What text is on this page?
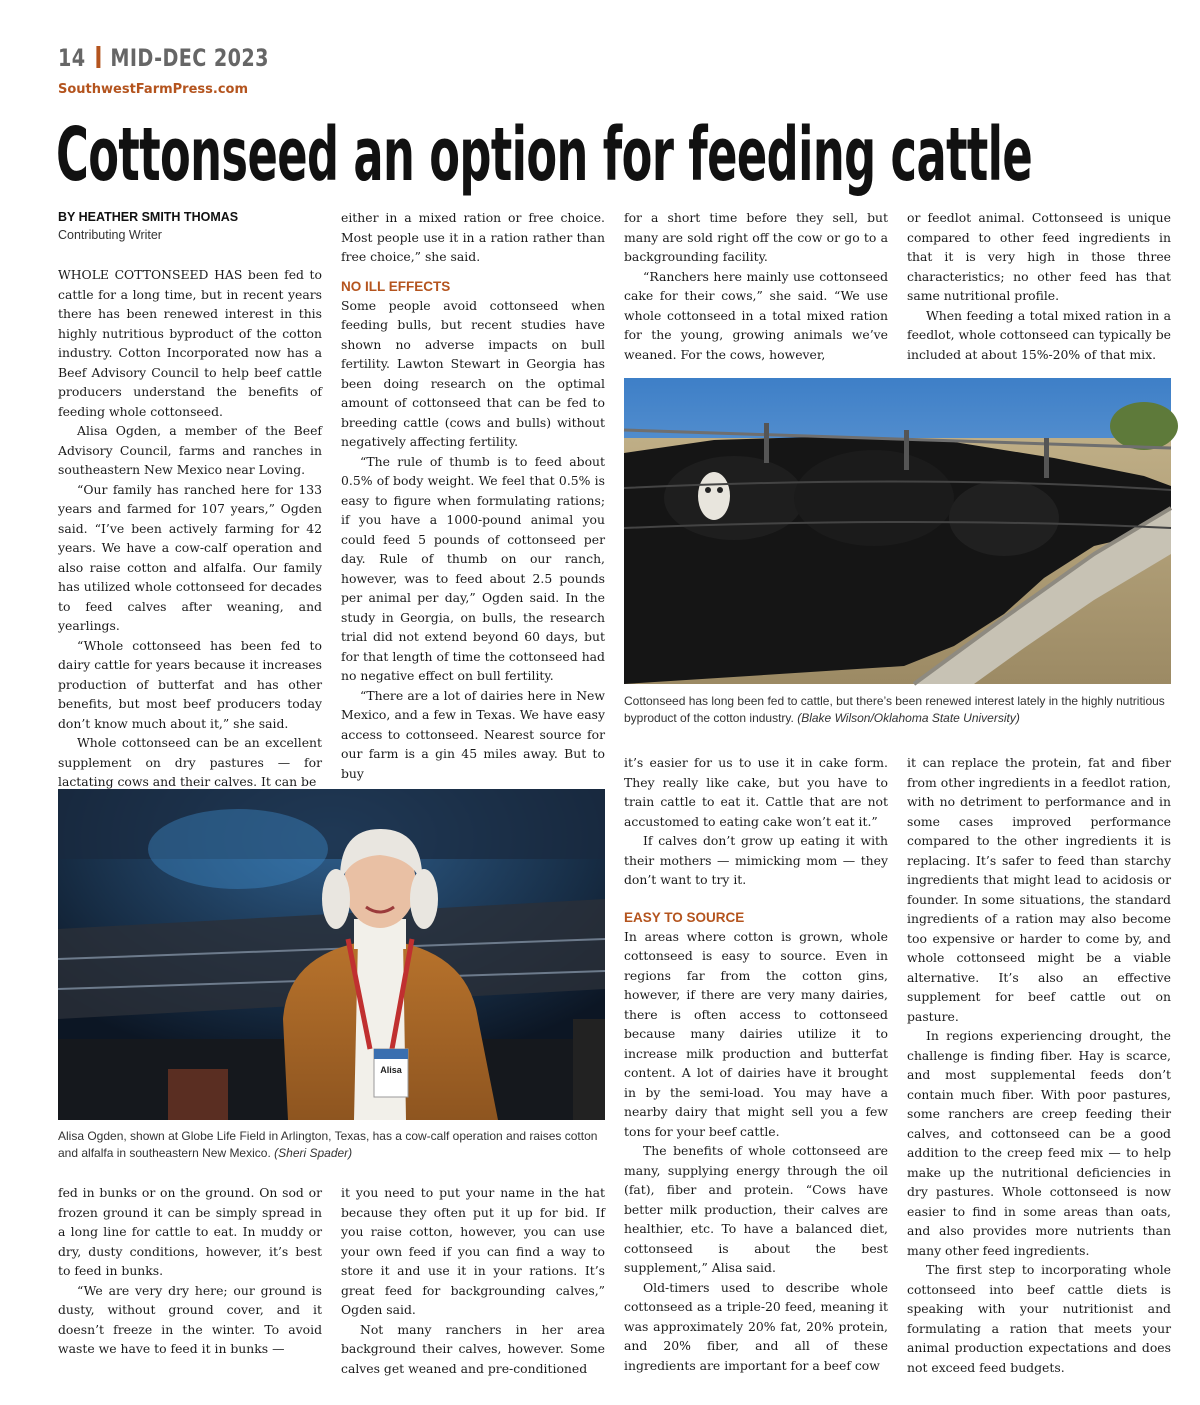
14 MID-DEC 2023
SouthwestFarmPress.com
Cottonseed an option for feeding cattle
BY HEATHER SMITH THOMAS
Contributing Writer

WHOLE COTTONSEED HAS been fed to cattle for a long time, but in recent years there has been renewed interest in this highly nutritious byproduct of the cotton industry. Cotton Incorporated now has a Beef Advisory Council to help beef cattle producers understand the benefits of feeding whole cottonseed.

Alisa Ogden, a member of the Beef Advisory Council, farms and ranches in southeastern New Mexico near Loving.

“Our family has ranched here for 133 years and farmed for 107 years,” Ogden said. “I’ve been actively farming for 42 years. We have a cow-calf operation and also raise cotton and alfalfa. Our family has utilized whole cottonseed for decades to feed calves after weaning, and yearlings.

“Whole cottonseed has been fed to dairy cattle for years because it increases production of butterfat and has other benefits, but most beef producers today don’t know much about it,” she said.

Whole cottonseed can be an excellent supplement on dry pastures — for lactating cows and their calves. It can be

either in a mixed ration or free choice. Most people use it in a ration rather than free choice,” she said.

NO ILL EFFECTS

Some people avoid cottonseed when feeding bulls, but recent studies have shown no adverse impacts on bull fertility. Lawton Stewart in Georgia has been doing research on the optimal amount of cottonseed that can be fed to breeding cattle (cows and bulls) without negatively affecting fertility.

“The rule of thumb is to feed about 0.5% of body weight. We feel that 0.5% is easy to figure when formulating rations; if you have a 1000-pound animal you could feed 5 pounds of cottonseed per day. Rule of thumb on our ranch, however, was to feed about 2.5 pounds per animal per day,” Ogden said. In the study in Georgia, on bulls, the research trial did not extend beyond 60 days, but for that length of time the cottonseed had no negative effect on bull fertility.

“There are a lot of dairies here in New Mexico, and a few in Texas. We have easy access to cottonseed. Nearest source for our farm is a gin 45 miles away. But to buy

for a short time before they sell, but many are sold right off the cow or go to a backgrounding facility.

“Ranchers here mainly use cottonseed cake for their cows,” she said. “We use whole cottonseed in a total mixed ration for the young, growing animals we’ve weaned. For the cows, however,

or feedlot animal. Cottonseed is unique compared to other feed ingredients in that it is very high in those three characteristics; no other feed has that same nutritional profile.

When feeding a total mixed ration in a feedlot, whole cottonseed can typically be included at about 15%-20% of that mix.

Cottonseed has long been fed to cattle, but there’s been renewed interest lately in the highly nutritious byproduct of the cotton industry. (Blake Wilson/Oklahoma State University)

it’s easier for us to use it in cake form. They really like cake, but you have to train cattle to eat it. Cattle that are not accustomed to eating cake won’t eat it.”

If calves don’t grow up eating it with their mothers — mimicking mom — they don’t want to try it.

EASY TO SOURCE

In areas where cotton is grown, whole cottonseed is easy to source. Even in regions far from the cotton gins, however, if there are very many dairies, there is often access to cottonseed because many dairies utilize it to increase milk production and butterfat content. A lot of dairies have it brought in by the semi-load. You may have a nearby dairy that might sell you a few tons for your beef cattle.

The benefits of whole cottonseed are many, supplying energy through the oil (fat), fiber and protein. “Cows have better milk production, their calves are healthier, etc. To have a balanced diet, cottonseed is about the best supplement,” Alisa said.

Old-timers used to describe whole cottonseed as a triple-20 feed, meaning it was approximately 20% fat, 20% protein, and 20% fiber, and all of these ingredients are important for a beef cow

it can replace the protein, fat and fiber from other ingredients in a feedlot ration, with no detriment to performance and in some cases improved performance compared to the other ingredients it is replacing. It’s safer to feed than starchy ingredients that might lead to acidosis or founder. In some situations, the standard ingredients of a ration may also become too expensive or harder to come by, and whole cottonseed might be a viable alternative. It’s also an effective supplement for beef cattle out on pasture.

In regions experiencing drought, the challenge is finding fiber. Hay is scarce, and most supplemental feeds don’t contain much fiber. With poor pastures, some ranchers are creep feeding their calves, and cottonseed can be a good addition to the creep feed mix — to help make up the nutritional deficiencies in dry pastures. Whole cottonseed is now easier to find in some areas than oats, and also provides more nutrients than many other feed ingredients.

The first step to incorporating whole cottonseed into beef cattle diets is speaking with your nutritionist and formulating a ration that meets your animal production expectations and does not exceed feed budgets.

Alisa
Alisa Ogden, shown at Globe Life Field in Arlington, Texas, has a cow-calf operation and raises cotton and alfalfa in southeastern New Mexico. (Sheri Spader)

fed in bunks or on the ground. On sod or frozen ground it can be simply spread in a long line for cattle to eat. In muddy or dry, dusty conditions, however, it’s best to feed in bunks.

“We are very dry here; our ground is dusty, without ground cover, and it doesn’t freeze in the winter. To avoid waste we have to feed it in bunks —

it you need to put your name in the hat because they often put it up for bid. If you raise cotton, however, you can use your own feed if you can find a way to store it and use it in your rations. It’s great feed for backgrounding calves,” Ogden said.

Not many ranchers in her area background their calves, however. Some calves get weaned and pre-conditioned
